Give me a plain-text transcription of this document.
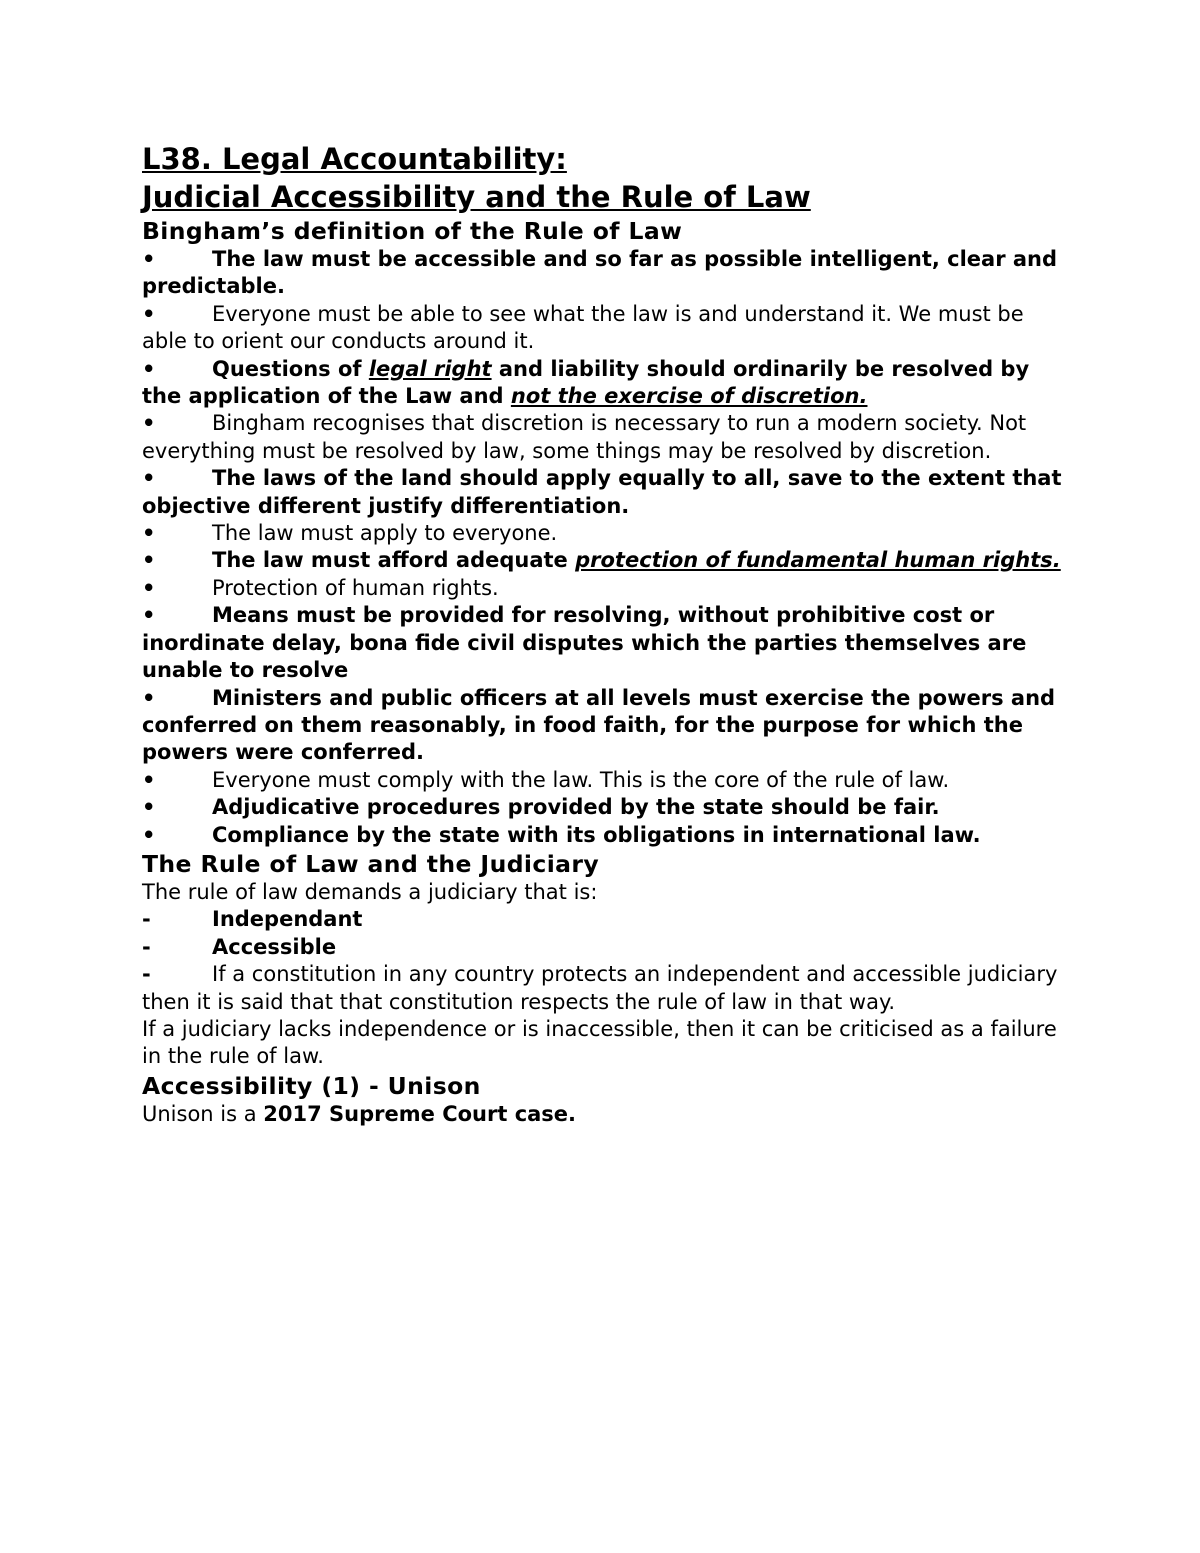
L38. Legal Accountability:
Judicial Accessibility and the Rule of Law
Bingham’s definition of the Rule of Law
•	The law must be accessible and so far as possible intelligent, clear and predictable.
•	Everyone must be able to see what the law is and understand it. We must be able to orient our conducts around it.
•	Questions of legal right and liability should ordinarily be resolved by the application of the Law and not the exercise of discretion.
•	Bingham recognises that discretion is necessary to run a modern society. Not everything must be resolved by law, some things may be resolved by discretion.
•	The laws of the land should apply equally to all, save to the extent that objective different justify differentiation.
•	The law must apply to everyone.
•	The law must afford adequate protection of fundamental human rights.
•	Protection of human rights.
•	Means must be provided for resolving, without prohibitive cost or inordinate delay, bona fide civil disputes which the parties themselves are unable to resolve
•	Ministers and public officers at all levels must exercise the powers and conferred on them reasonably, in food faith, for the purpose for which the powers were conferred.
•	Everyone must comply with the law. This is the core of the rule of law.
•	Adjudicative procedures provided by the state should be fair.
•	Compliance by the state with its obligations in international law.
The Rule of Law and the Judiciary

The rule of law demands a judiciary that is:

-	Independant
-	Accessible
-	If a constitution in any country protects an independent and accessible judiciary then it is said that that constitution respects the rule of law in that way.

If a judiciary lacks independence or is inaccessible, then it can be criticised as a failure in the rule of law.

Accessibility (1) - Unison

Unison is a 2017 Supreme Court case.
